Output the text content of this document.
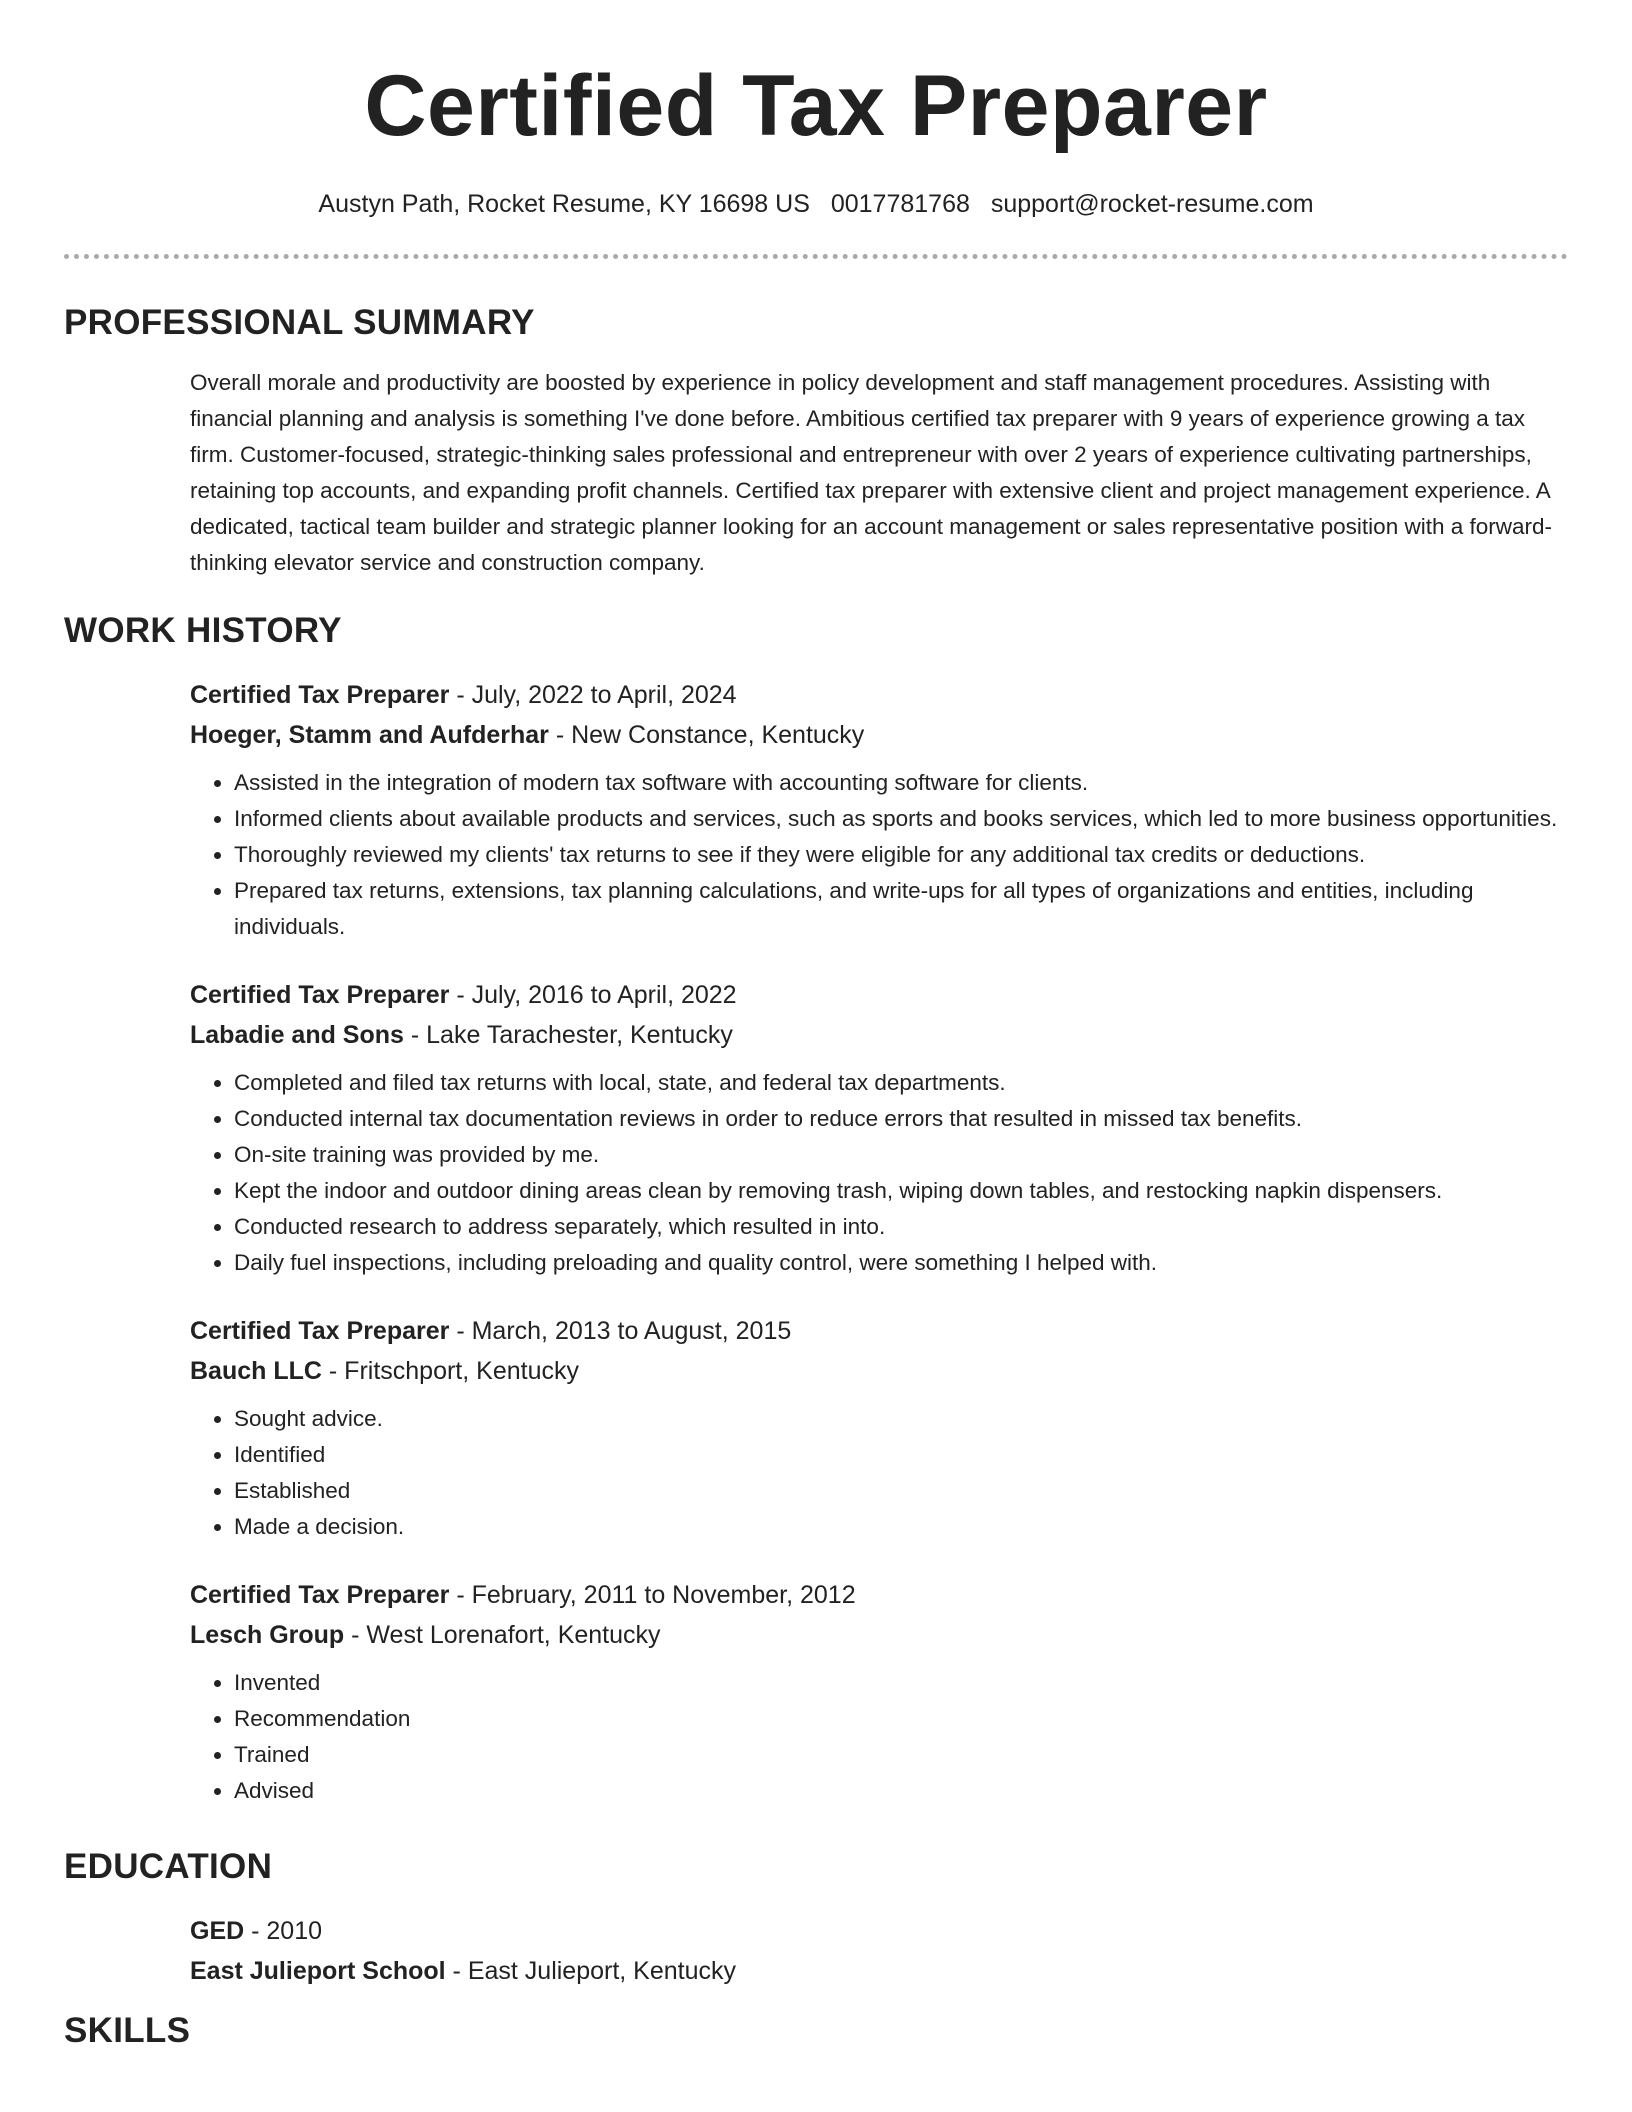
Certified Tax Preparer
Austyn Path, Rocket Resume, KY 16698 US 0017781768 support@rocket-resume.com
PROFESSIONAL SUMMARY

Overall morale and productivity are boosted by experience in policy development and staff management procedures. Assisting with financial planning and analysis is something I've done before. Ambitious certified tax preparer with 9 years of experience growing a tax firm. Customer-focused, strategic-thinking sales professional and entrepreneur with over 2 years of experience cultivating partnerships, retaining top accounts, and expanding profit channels. Certified tax preparer with extensive client and project management experience. A dedicated, tactical team builder and strategic planner looking for an account management or sales representative position with a forward-thinking elevator service and construction company.

WORK HISTORY
Certified Tax Preparer - July, 2022 to April, 2024
Hoeger, Stamm and Aufderhar - New Constance, Kentucky
• Assisted in the integration of modern tax software with accounting software for clients.
• Informed clients about available products and services, such as sports and books services, which led to more business opportunities.
• Thoroughly reviewed my clients' tax returns to see if they were eligible for any additional tax credits or deductions.
• Prepared tax returns, extensions, tax planning calculations, and write-ups for all types of organizations and entities, including individuals.
Certified Tax Preparer - July, 2016 to April, 2022
Labadie and Sons - Lake Tarachester, Kentucky
• Completed and filed tax returns with local, state, and federal tax departments.
• Conducted internal tax documentation reviews in order to reduce errors that resulted in missed tax benefits.
• On-site training was provided by me.
• Kept the indoor and outdoor dining areas clean by removing trash, wiping down tables, and restocking napkin dispensers.
• Conducted research to address separately, which resulted in into.
• Daily fuel inspections, including preloading and quality control, were something I helped with.
Certified Tax Preparer - March, 2013 to August, 2015
Bauch LLC - Fritschport, Kentucky
• Sought advice.
• Identified
• Established
• Made a decision.
Certified Tax Preparer - February, 2011 to November, 2012
Lesch Group - West Lorenafort, Kentucky
• Invented
• Recommendation
• Trained
• Advised
EDUCATION
GED - 2010
East Julieport School - East Julieport, Kentucky
SKILLS
